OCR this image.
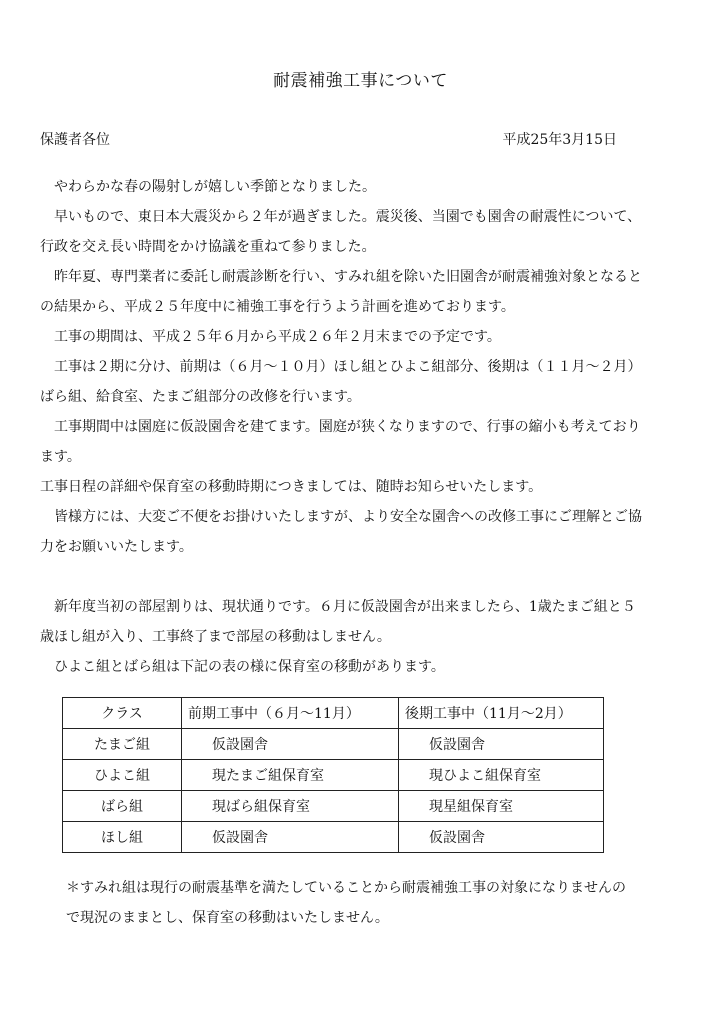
耐震補強工事について
保護者各位	平成25年3月15日

やわらかな春の陽射しが嬉しい季節となりました。

早いもので、東日本大震災から２年が過ぎました。震災後、当園でも園舎の耐震性について、行政を交え長い時間をかけ協議を重ねて参りました。

昨年夏、専門業者に委託し耐震診断を行い、すみれ組を除いた旧園舎が耐震補強対象となるとの結果から、平成２５年度中に補強工事を行うよう計画を進めております。

工事の期間は、平成２５年６月から平成２６年２月末までの予定です。

工事は２期に分け、前期は（６月～１０月）ほし組とひよこ組部分、後期は（１１月～２月）ばら組、給食室、たまご組部分の改修を行います。

工事期間中は園庭に仮設園舎を建てます。園庭が狭くなりますので、行事の縮小も考えております。

工事日程の詳細や保育室の移動時期につきましては、随時お知らせいたします。

皆様方には、大変ご不便をお掛けいたしますが、より安全な園舎への改修工事にご理解とご協力をお願いいたします。

新年度当初の部屋割りは、現状通りです。６月に仮設園舎が出来ましたら、1歳たまご組と５歳ほし組が入り、工事終了まで部屋の移動はしません。

ひよこ組とばら組は下記の表の様に保育室の移動があります。

クラス	前期工事中（６月～11月）	後期工事中（11月～2月）
たまご組	仮設園舎	仮設園舎
ひよこ組	現たまご組保育室	現ひよこ組保育室
ばら組	現ばら組保育室	現星組保育室
ほし組	仮設園舎	仮設園舎

＊すみれ組は現行の耐震基準を満たしていることから耐震補強工事の対象になりませんので現況のままとし、保育室の移動はいたしません。
